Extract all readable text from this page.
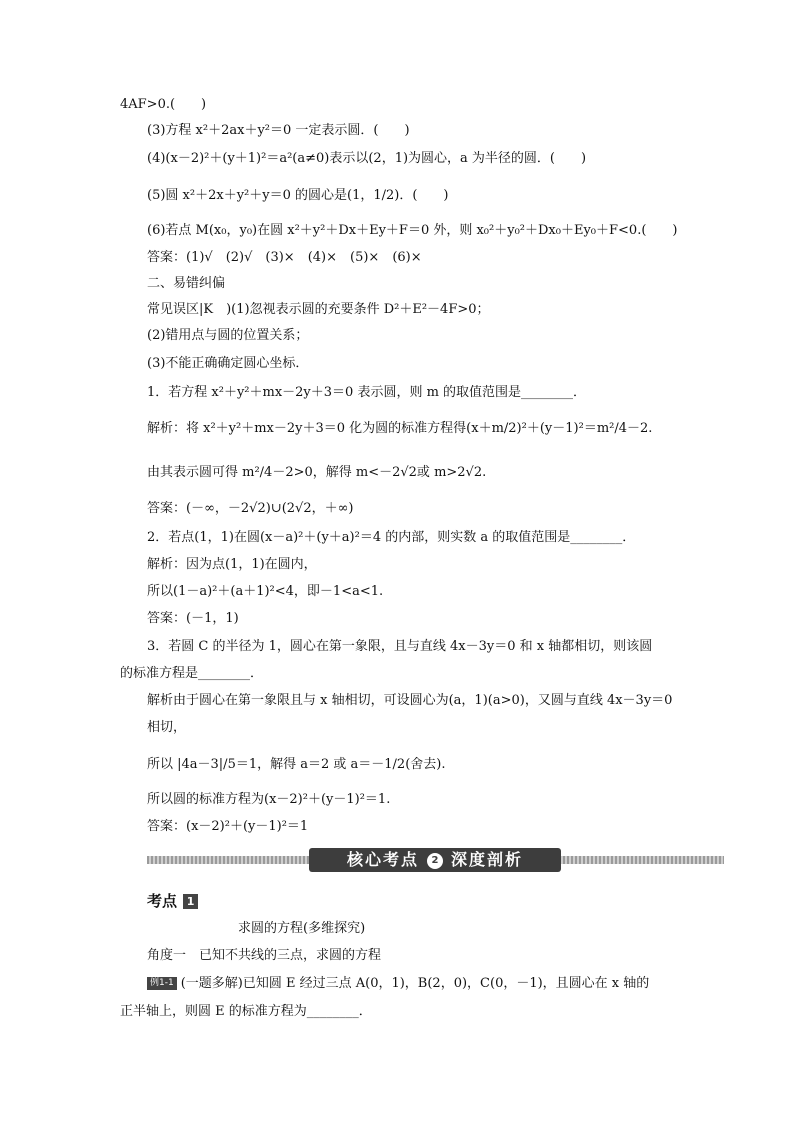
4AF>0.(　　)
(3)方程 x²＋2ax＋y²＝0 一定表示圆．(　　)
(4)(x－2)²＋(y＋1)²＝a²(a≠0)表示以(2，1)为圆心，a 为半径的圆．(　　)
(5)圆 x²＋2x＋y²＋y＝0 的圆心是(1，1/2)．(　　)
(6)若点 M(x₀，y₀)在圆 x²＋y²＋Dx＋Ey＋F＝0 外，则 x₀²＋y₀²＋Dx₀＋Ey₀＋F<0.(　　)
答案：(1)√　(2)√　(3)×　(4)×　(5)×　(6)×
二、易错纠偏
常见误区|K　)(1)忽视表示圆的充要条件 D²＋E²－4F>0；
(2)错用点与圆的位置关系；
(3)不能正确确定圆心坐标．
1．若方程 x²＋y²＋mx－2y＋3＝0 表示圆，则 m 的取值范围是________．
解析：将 x²＋y²＋mx－2y＋3＝0 化为圆的标准方程得(x＋m/2)²＋(y－1)²＝m²/4－2.
由其表示圆可得 m²/4－2>0，解得 m<－2√2或 m>2√2.
答案：(－∞，－2√2)∪(2√2，＋∞)
2．若点(1，1)在圆(x－a)²＋(y＋a)²＝4 的内部，则实数 a 的取值范围是________．
解析：因为点(1，1)在圆内，
所以(1－a)²＋(a＋1)²<4，即－1<a<1.
答案：(－1，1)
3．若圆 C 的半径为 1，圆心在第一象限，且与直线 4x－3y＝0 和 x 轴都相切，则该圆
的标准方程是________．
解析由于圆心在第一象限且与 x 轴相切，可设圆心为(a，1)(a>0)，又圆与直线 4x－3y＝0
相切，
所以 |4a－3|/5＝1，解得 a＝2 或 a＝－1/2(舍去).
所以圆的标准方程为(x－2)²＋(y－1)²＝1.
答案：(x－2)²＋(y－1)²＝1
　　　　　　　求圆的方程(多维探究)
角度一　已知不共线的三点，求圆的方程
正半轴上，则圆 E 的标准方程为________．
核心考点 2 深度剖析
考点 1
例1-1 (一题多解)已知圆 E 经过三点 A(0，1)，B(2，0)，C(0，－1)，且圆心在 x 轴的
